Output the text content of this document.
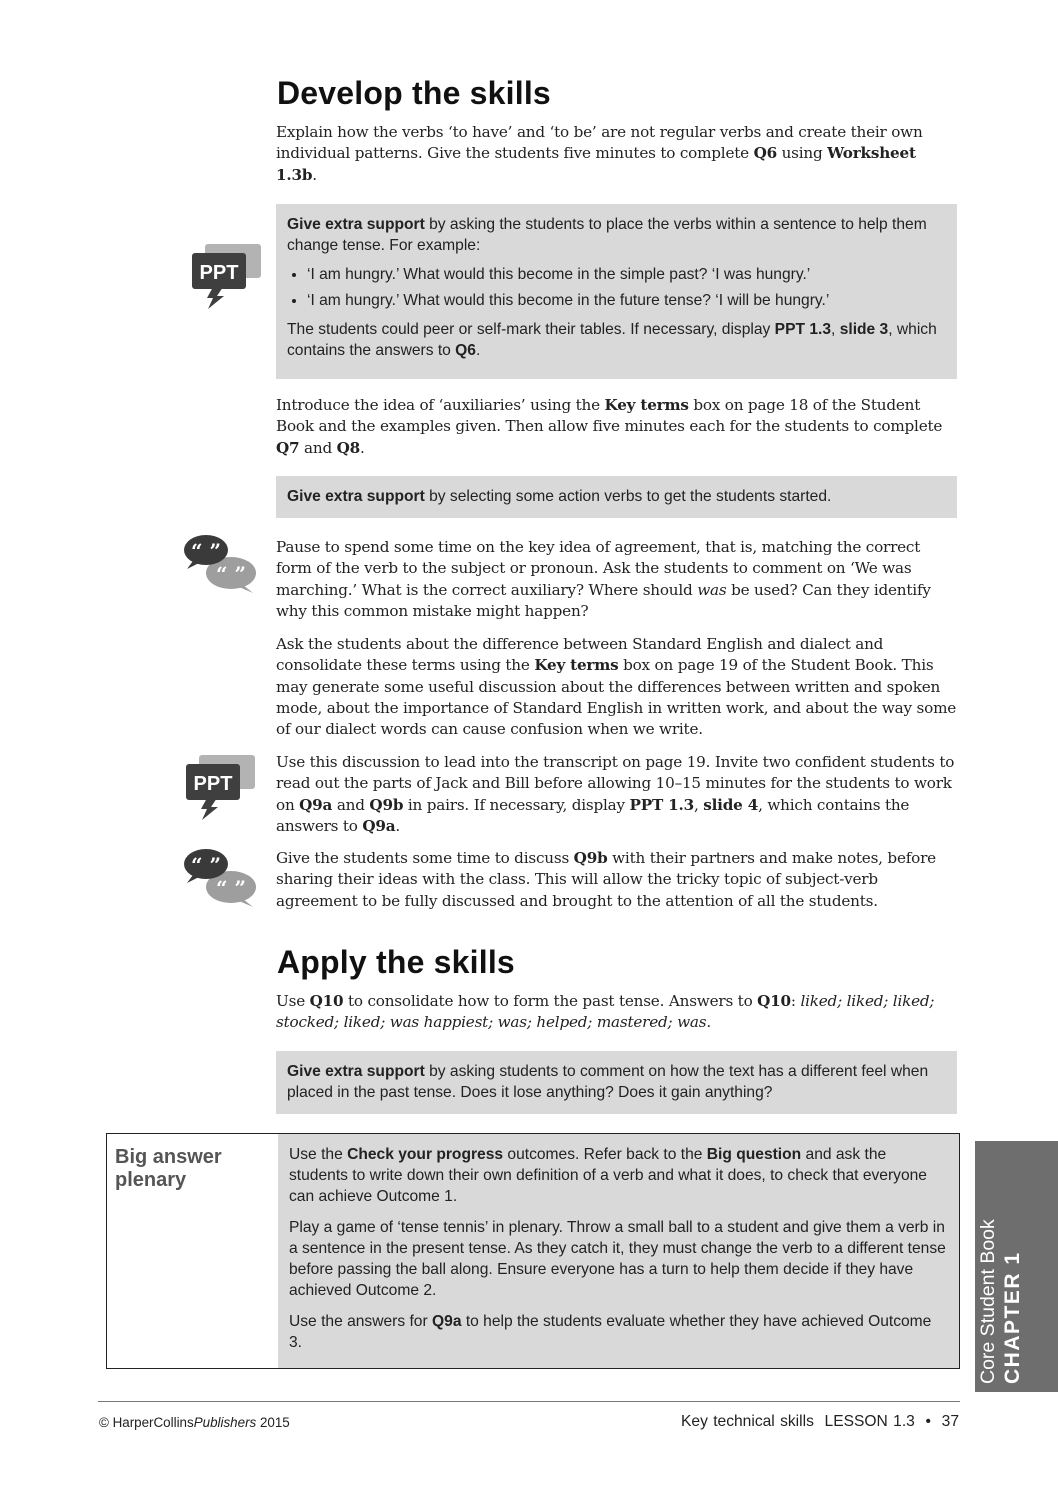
Develop the skills

Explain how the verbs ‘to have’ and ‘to be’ are not regular verbs and create their own individual patterns. Give the students five minutes to complete Q6 using Worksheet 1.3b.

PPT

Give extra support by asking the students to place the verbs within a sentence to help them change tense. For example:

• ‘I am hungry.’ What would this become in the simple past? ‘I was hungry.’
• ‘I am hungry.’ What would this become in the future tense? ‘I will be hungry.’

The students could peer or self-mark their tables. If necessary, display PPT 1.3, slide 3, which contains the answers to Q6.

Introduce the idea of ‘auxiliaries’ using the Key terms box on page 18 of the Student Book and the examples given. Then allow five minutes each for the students to complete Q7 and Q8.

Give extra support by selecting some action verbs to get the students started.

“ ”
“ ”	Pause to spend some time on the key idea of agreement, that is, matching the correct form of the verb to the subject or pronoun. Ask the students to comment on ‘We was marching.’ What is the correct auxiliary? Where should was be used? Can they identify why this common mistake might happen?

Ask the students about the difference between Standard English and dialect and consolidate these terms using the Key terms box on page 19 of the Student Book. This may generate some useful discussion about the differences between written and spoken mode, about the importance of Standard English in written work, and about the way some of our dialect words can cause confusion when we write.

PPT

Use this discussion to lead into the transcript on page 19. Invite two confident students to read out the parts of Jack and Bill before allowing 10–15 minutes for the students to work on Q9a and Q9b in pairs. If necessary, display PPT 1.3, slide 4, which contains the answers to Q9a.

“ ”
“ ”	Give the students some time to discuss Q9b with their partners and make notes, before sharing their ideas with the class. This will allow the tricky topic of subject-verb agreement to be fully discussed and brought to the attention of all the students.

Apply the skills

Use Q10 to consolidate how to form the past tense. Answers to Q10: liked; liked; liked; stocked; liked; was happiest; was; helped; mastered; was.

Give extra support by asking students to comment on how the text has a different feel when placed in the past tense. Does it lose anything? Does it gain anything?

Big answer plenary

Use the Check your progress outcomes. Refer back to the Big question and ask the students to write down their own definition of a verb and what it does, to check that everyone can achieve Outcome 1.

Play a game of ‘tense tennis’ in plenary. Throw a small ball to a student and give them a verb in a sentence in the present tense. As they catch it, they must change the verb to a different tense before passing the ball along. Ensure everyone has a turn to help them decide if they have achieved Outcome 2.

Use the answers for Q9a to help the students evaluate whether they have achieved Outcome 3.	Core Student Book CHAPTER 1
© HarperCollinsPublishers 2015	Key technical skills LESSON 1.3 • 37
